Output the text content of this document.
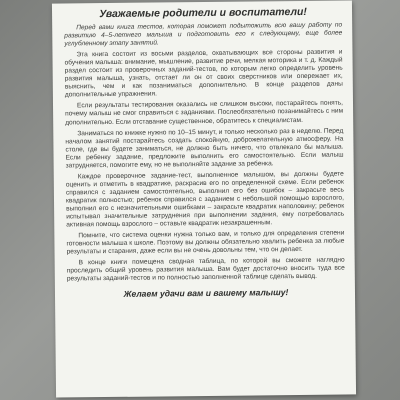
Уважаемые родители и воспитатели!

Перед вами книга тестов, которая поможет подытожить всю вашу работу по развитию 4–5-летнего малыша и подготовить его к следующему, еще более углубленному этапу занятий.

Эта книга состоит из восьми разделов, охватывающих все стороны развития и обучения малыша: внимание, мышление, развитие речи, мелкая моторика и т. д. Каждый раздел состоит из проверочных заданий-тестов, по которым легко определить уровень развития малыша, узнать, отстает ли он от своих сверстников или опережает их, выяснить, чем и как позаниматься дополнительно. В конце разделов даны дополнительные упражнения.

Если результаты тестирования оказались не слишком высоки, постарайтесь понять, почему малыш не смог справиться с заданиями. Послеобязательно позанимайтесь с ним дополнительно. Если отставание существенное, обратитесь к специалистам.

Заниматься по книжке нужно по 10–15 минут, и только несколько раз в неделю. Перед началом занятий постарайтесь создать спокойную, доброжелательную атмосферу. На столе, где вы будете заниматься, не должно быть ничего, что отвлекало бы малыша. Если ребенку задание, предложите выполнить его самостоятельно. Если малыш затрудняется, помогите ему, но не выполняйте задание за ребенка.

Каждое проверочное задание-тест, выполненное малышом, вы должны будете оценить и отметить в квадратике, раскрасив его по определенной схеме. Если ребенок справился с заданием самостоятельно, выполнил его без ошибок – закрасьте весь квадратик полностью; ребенок справился с заданием с небольшой помощью взрослого, выполнил его с незначительными ошибками – закрасьте квадратик наполовину; ребенок испытывал значительные затруднения при выполнении задания, ему потребовалась активная помощь взрослого – оставьте квадратик незакрашенным.

Помните, что система оценки нужна только вам, и только для определения степени готовности малыша к школе. Поэтому вы должны обязательно хвалить ребенка за любые результаты и старания, даже если вы не очень довольны тем, что он делает.

В конце книги помещена сводная таблица, по которой вы сможете наглядно проследить общий уровень развития малыша. Вам будет достаточно вносить туда все результаты заданий-тестов и по полностью заполненной таблице сделать вывод.

Желаем удачи вам и вашему малышу!
